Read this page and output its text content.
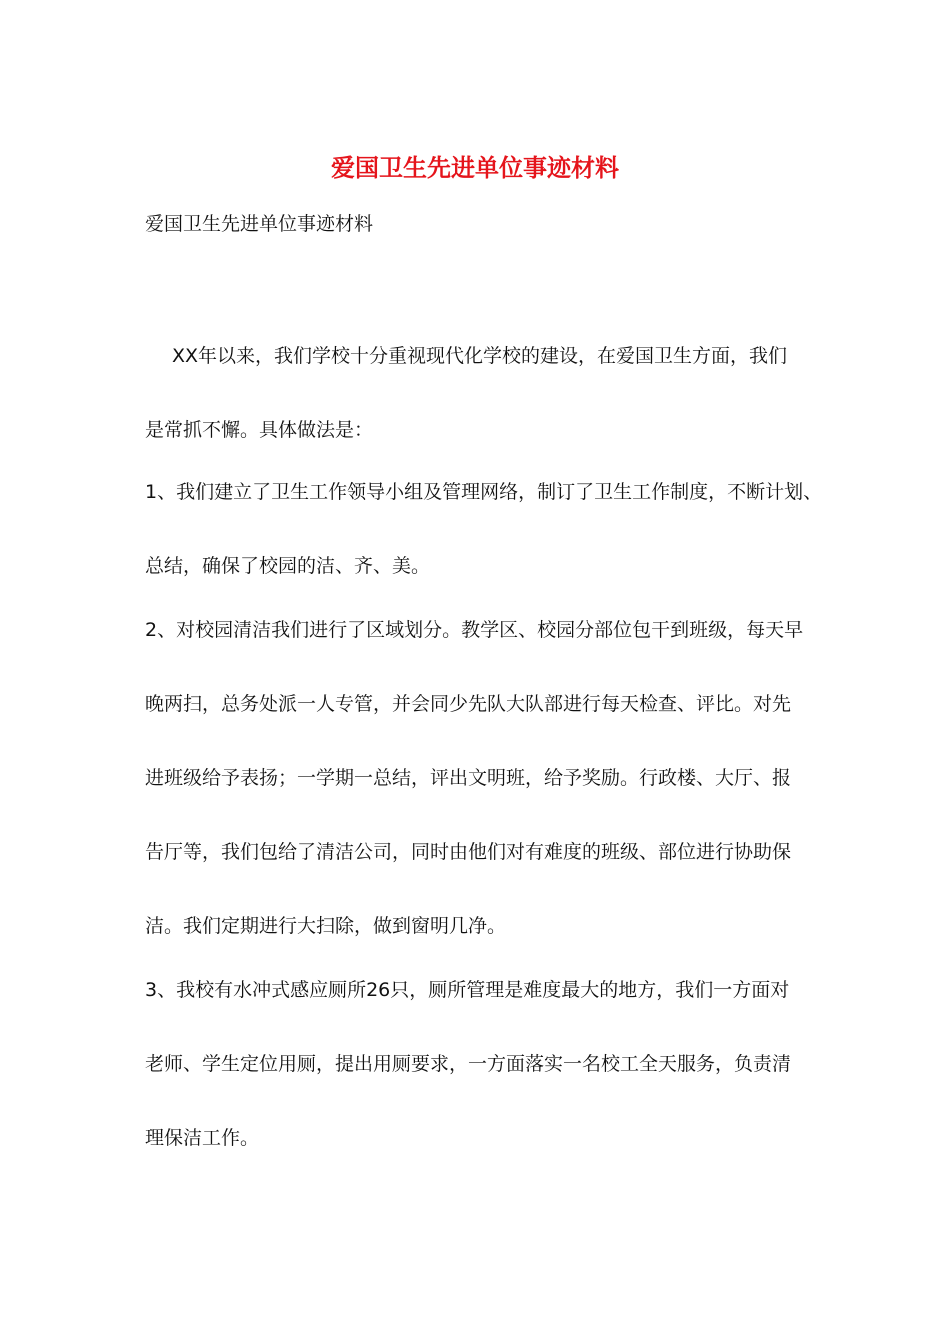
爱国卫生先进单位事迹材料

爱国卫生先进单位事迹材料

XX年以来，我们学校十分重视现代化学校的建设，在爱国卫生方面，我们

是常抓不懈。具体做法是：

1、我们建立了卫生工作领导小组及管理网络，制订了卫生工作制度，不断计划、

总结，确保了校园的洁、齐、美。

2、对校园清洁我们进行了区域划分。教学区、校园分部位包干到班级，每天早

晚两扫，总务处派一人专管，并会同少先队大队部进行每天检查、评比。对先

进班级给予表扬；一学期一总结，评出文明班，给予奖励。行政楼、大厅、报

告厅等，我们包给了清洁公司，同时由他们对有难度的班级、部位进行协助保

洁。我们定期进行大扫除，做到窗明几净。

3、我校有水冲式感应厕所26只，厕所管理是难度最大的地方，我们一方面对

老师、学生定位用厕，提出用厕要求，一方面落实一名校工全天服务，负责清

理保洁工作。
